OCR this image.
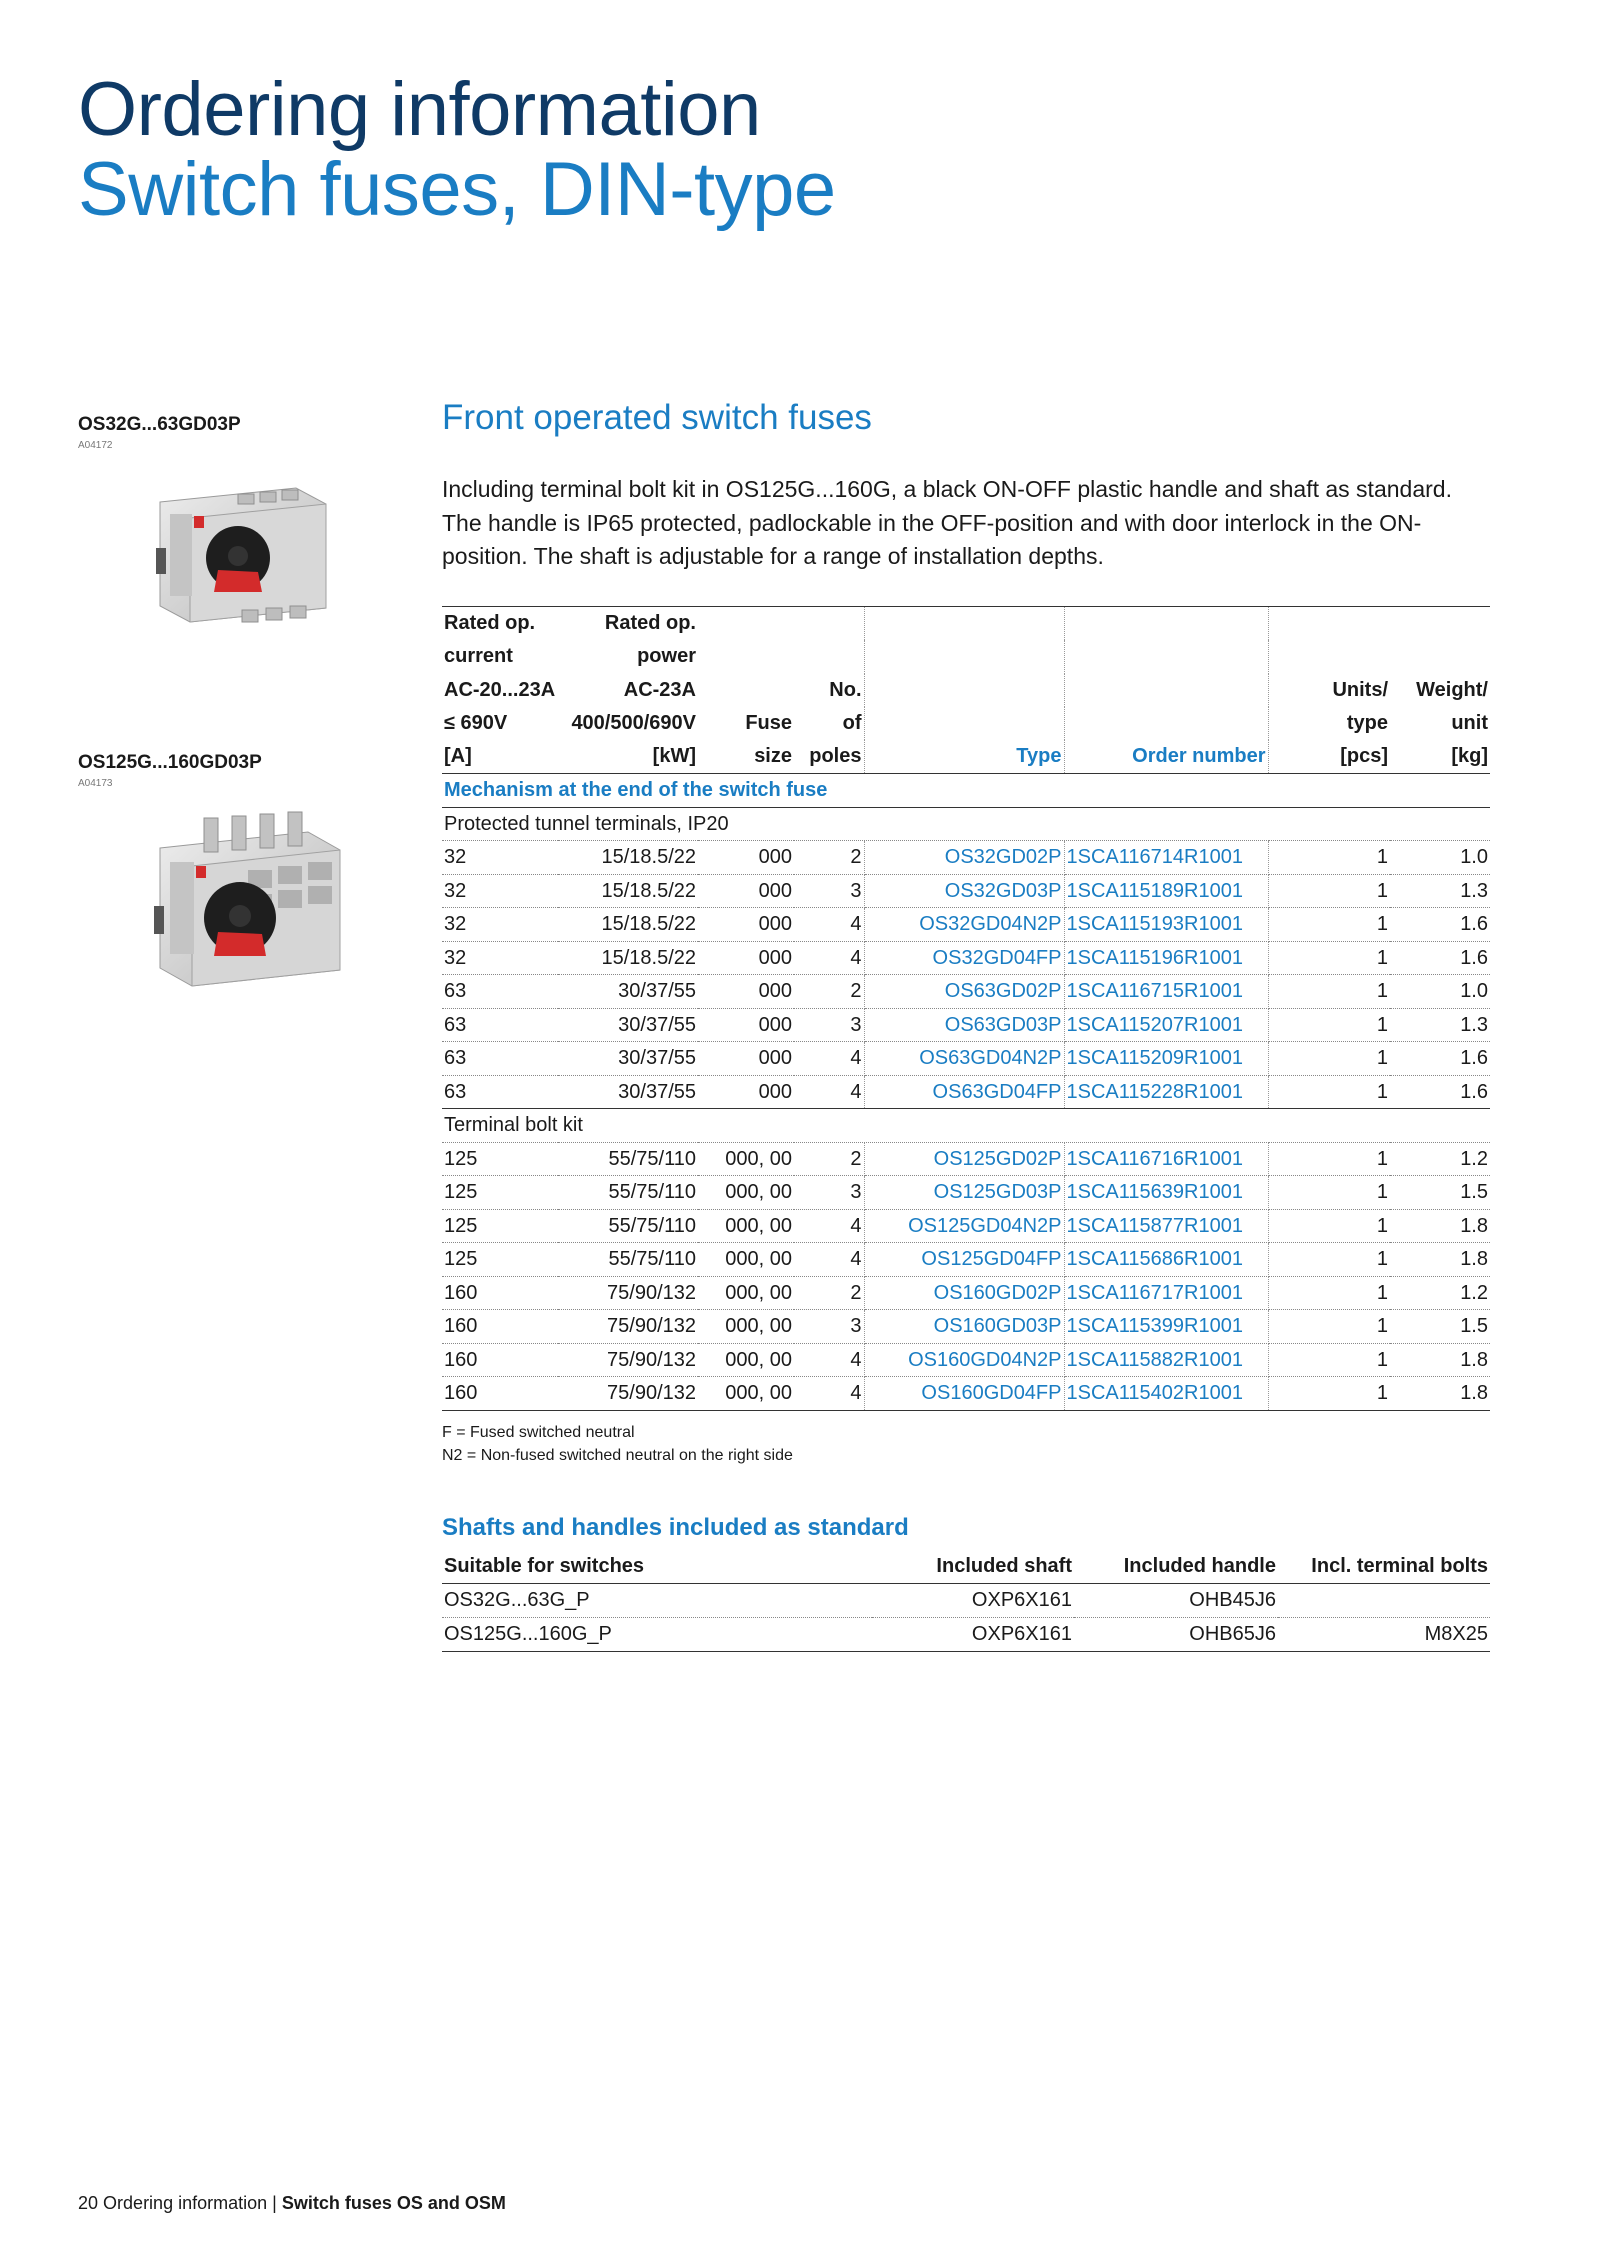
Ordering information
Switch fuses, DIN-type
OS32G...63GD03P
A04172
OS125G...160GD03P
A04173
Front operated switch fuses

Including terminal bolt kit in OS125G...160G, a black ON-OFF plastic handle and shaft as standard. The handle is IP65 protected, padlockable in the OFF-position and with door interlock in the ON-position. The shaft is adjustable for a range of installation depths.

Rated op.	Rated op.						
current	power						
AC-20...23A	AC-23A		No.			Units/	Weight/
≤ 690V	400/500/690V	Fuse	of			type	unit
[A]	[kW]	size	poles	Type	Order number	[pcs]	[kg]
Mechanism at the end of the switch fuse							
Protected tunnel terminals, IP20							
32	15/18.5/22	000	2	OS32GD02P	1SCA116714R1001	1	1.0
32	15/18.5/22	000	3	OS32GD03P	1SCA115189R1001	1	1.3
32	15/18.5/22	000	4	OS32GD04N2P	1SCA115193R1001	1	1.6
32	15/18.5/22	000	4	OS32GD04FP	1SCA115196R1001	1	1.6
63	30/37/55	000	2	OS63GD02P	1SCA116715R1001	1	1.0
63	30/37/55	000	3	OS63GD03P	1SCA115207R1001	1	1.3
63	30/37/55	000	4	OS63GD04N2P	1SCA115209R1001	1	1.6
63	30/37/55	000	4	OS63GD04FP	1SCA115228R1001	1	1.6
Terminal bolt kit							
125	55/75/110	000, 00	2	OS125GD02P	1SCA116716R1001	1	1.2
125	55/75/110	000, 00	3	OS125GD03P	1SCA115639R1001	1	1.5
125	55/75/110	000, 00	4	OS125GD04N2P	1SCA115877R1001	1	1.8
125	55/75/110	000, 00	4	OS125GD04FP	1SCA115686R1001	1	1.8
160	75/90/132	000, 00	2	OS160GD02P	1SCA116717R1001	1	1.2
160	75/90/132	000, 00	3	OS160GD03P	1SCA115399R1001	1	1.5
160	75/90/132	000, 00	4	OS160GD04N2P	1SCA115882R1001	1	1.8
160	75/90/132	000, 00	4	OS160GD04FP	1SCA115402R1001	1	1.8
F = Fused switched neutral
N2 = Non-fused switched neutral on the right side
Shafts and handles included as standard
Suitable for switches	Included shaft	Included handle	Incl. terminal bolts
OS32G...63G_P	OXP6X161	OHB45J6	
OS125G...160G_P	OXP6X161	OHB65J6	M8X25
20 Ordering information | Switch fuses OS and OSM
